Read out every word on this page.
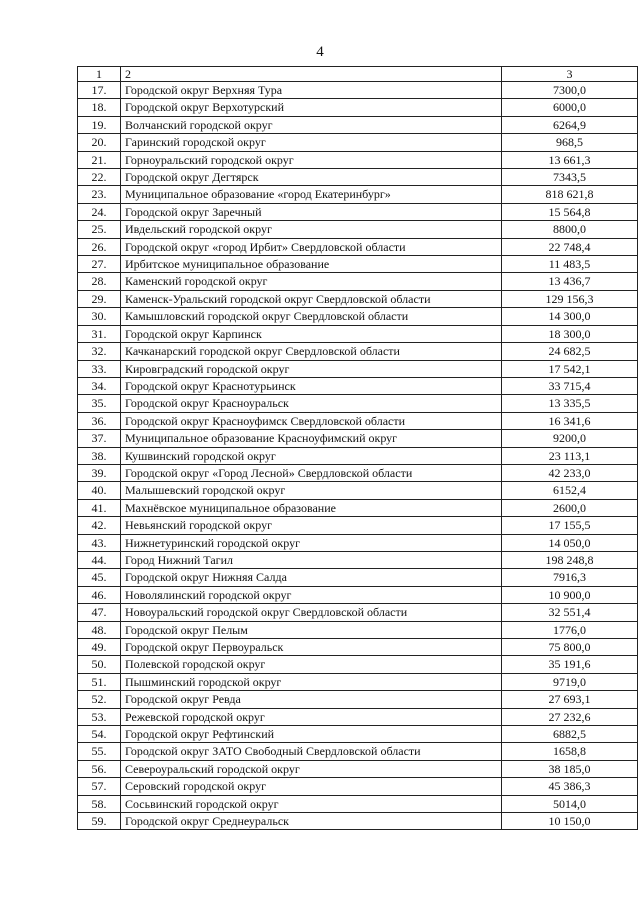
4
1	2	3
17.	Городской округ Верхняя Тура	7300,0
18.	Городской округ Верхотурский	6000,0
19.	Волчанский городской округ	6264,9
20.	Гаринский городской округ	968,5
21.	Горноуральский городской округ	13 661,3
22.	Городской округ Дегтярск	7343,5
23.	Муниципальное образование «город Екатеринбург»	818 621,8
24.	Городской округ Заречный	15 564,8
25.	Ивдельский городской округ	8800,0
26.	Городской округ «город Ирбит» Свердловской области	22 748,4
27.	Ирбитское муниципальное образование	11 483,5
28.	Каменский городской округ	13 436,7
29.	Каменск-Уральский городской округ Свердловской области	129 156,3
30.	Камышловский городской округ Свердловской области	14 300,0
31.	Городской округ Карпинск	18 300,0
32.	Качканарский городской округ Свердловской области	24 682,5
33.	Кировградский городской округ	17 542,1
34.	Городской округ Краснотурьинск	33 715,4
35.	Городской округ Красноуральск	13 335,5
36.	Городской округ Красноуфимск Свердловской области	16 341,6
37.	Муниципальное образование Красноуфимский округ	9200,0
38.	Кушвинский городской округ	23 113,1
39.	Городской округ «Город Лесной» Свердловской области	42 233,0
40.	Малышевский городской округ	6152,4
41.	Махнёвское муниципальное образование	2600,0
42.	Невьянский городской округ	17 155,5
43.	Нижнетуринский городской округ	14 050,0
44.	Город Нижний Тагил	198 248,8
45.	Городской округ Нижняя Салда	7916,3
46.	Новолялинский городской округ	10 900,0
47.	Новоуральский городской округ Свердловской области	32 551,4
48.	Городской округ Пелым	1776,0
49.	Городской округ Первоуральск	75 800,0
50.	Полевской городской округ	35 191,6
51.	Пышминский городской округ	9719,0
52.	Городской округ Ревда	27 693,1
53.	Режевской городской округ	27 232,6
54.	Городской округ Рефтинский	6882,5
55.	Городской округ ЗАТО Свободный Свердловской области	1658,8
56.	Североуральский городской округ	38 185,0
57.	Серовский городской округ	45 386,3
58.	Сосьвинский городской округ	5014,0
59.	Городской округ Среднеуральск	10 150,0
